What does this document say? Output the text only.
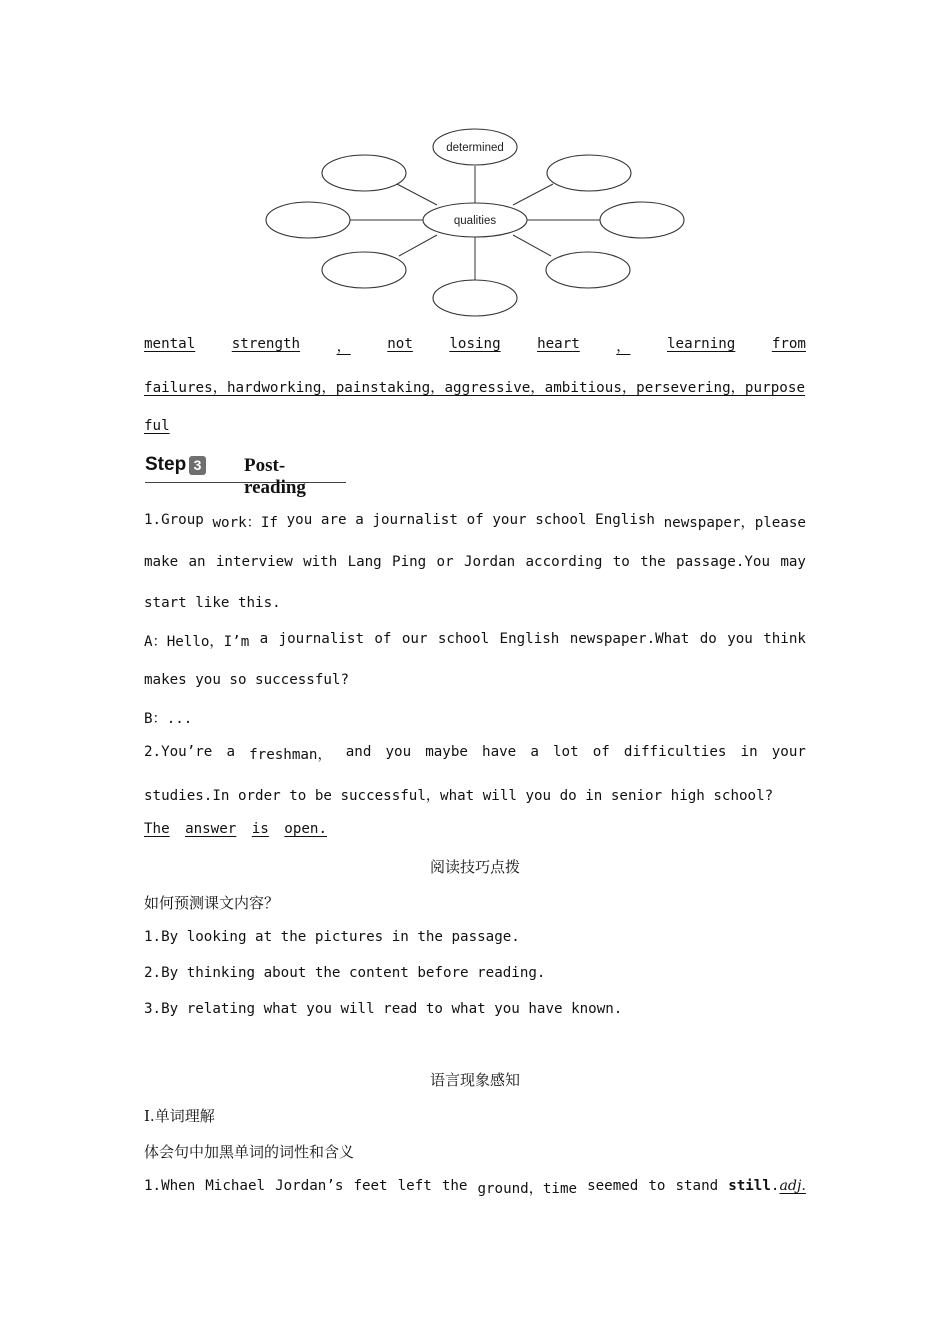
determined
qualities
mental	strength	，	not	losing	heart	，	learning	from
failures，hardworking，painstaking，aggressive，ambitious，persevering，purpose
ful
Step 3 Post-reading
1.Group work：If you are a journalist of your school English newspaper，please
make an interview with Lang Ping or Jordan according to the passage.You may
start like this.
A：Hello，I’m a journalist of our school English newspaper.What do you think
makes you so successful?
B：...
2.You’re a freshman， and you maybe have a lot of difficulties in your
studies.In order to be successful，what will you do in senior high school?
The answer is open.
阅读技巧点拨
如何预测课文内容？
1.By looking at the pictures in the passage.
2.By thinking about the content before reading.
3.By relating what you will read to what you have known.
语言现象感知
Ⅰ.单词理解
体会句中加黑单词的词性和含义
1.When Michael Jordan’s feet left the ground，time seemed to stand still.adj.
